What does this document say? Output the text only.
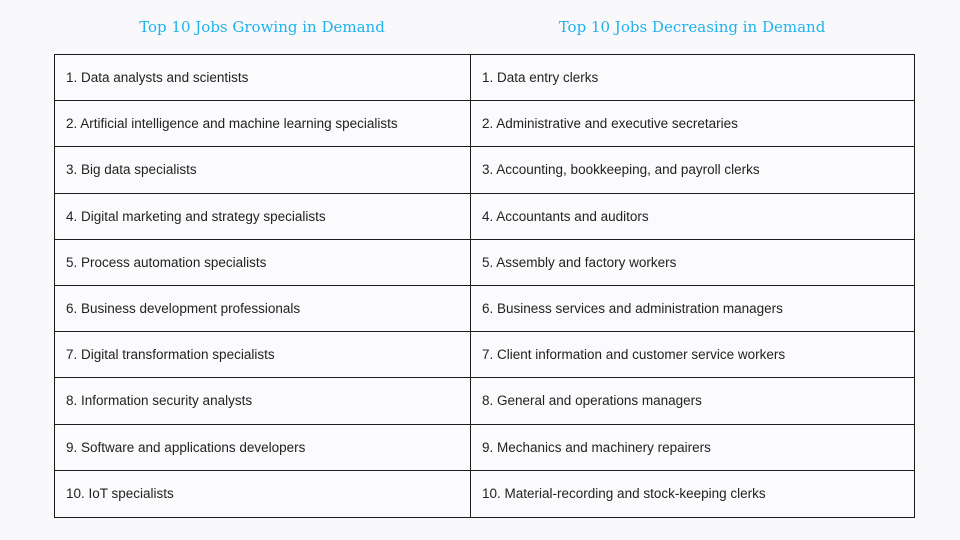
Top 10 Jobs Growing in Demand	Top 10 Jobs Decreasing in Demand
1. Data analysts and scientists	1. Data entry clerks
2. Artificial intelligence and machine learning specialists	2. Administrative and executive secretaries
3. Big data specialists	3. Accounting, bookkeeping, and payroll clerks
4. Digital marketing and strategy specialists	4. Accountants and auditors
5. Process automation specialists	5. Assembly and factory workers
6. Business development professionals	6. Business services and administration managers
7. Digital transformation specialists	7. Client information and customer service workers
8. Information security analysts	8. General and operations managers
9. Software and applications developers	9. Mechanics and machinery repairers
10. IoT specialists	10. Material-recording and stock-keeping clerks
